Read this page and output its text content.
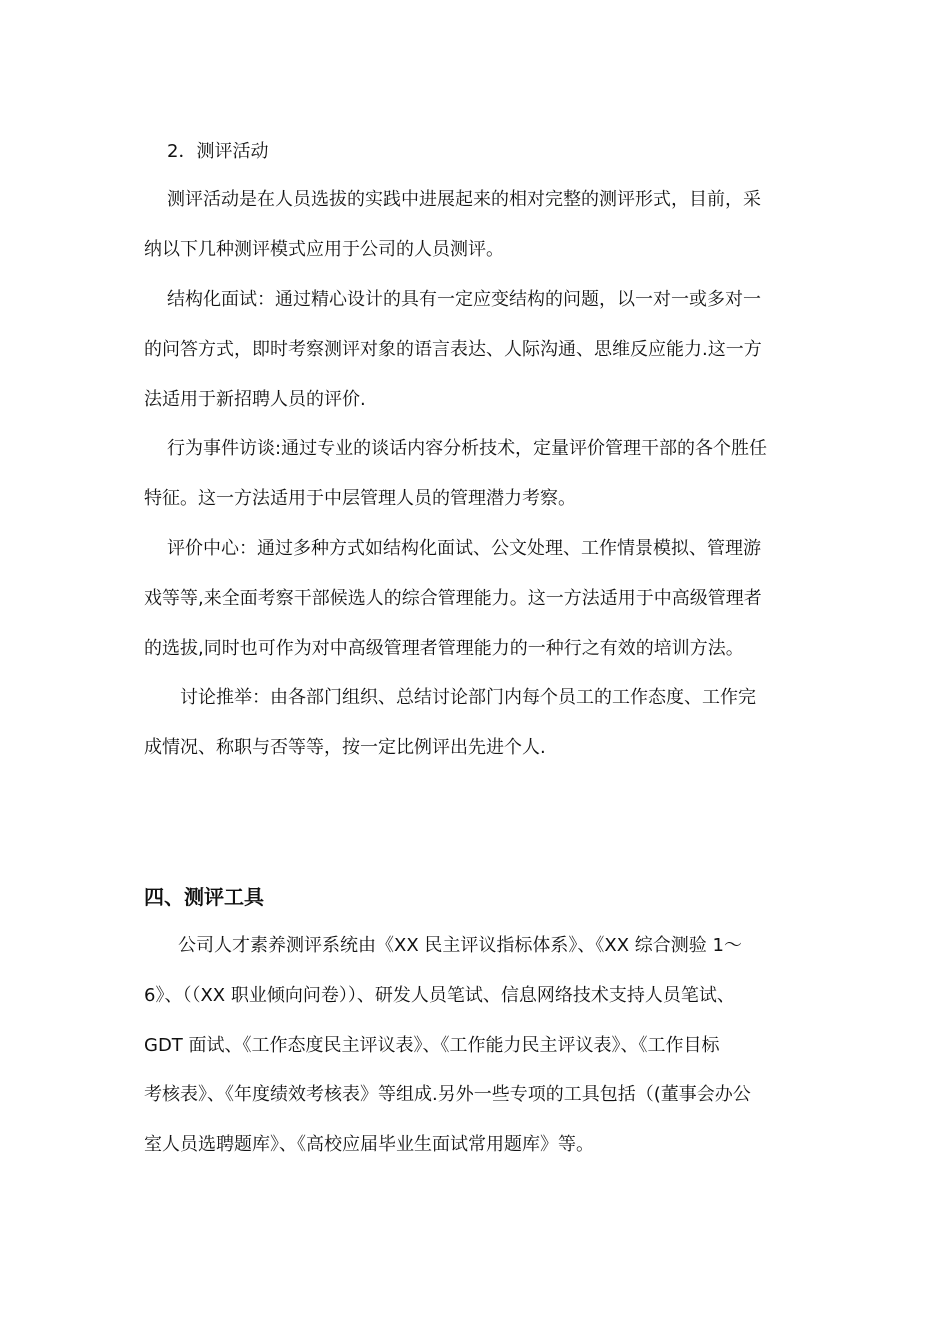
2．测评活动
测评活动是在人员选拔的实践中进展起来的相对完整的测评形式，目前，采
纳以下几种测评模式应用于公司的人员测评。
结构化面试：通过精心设计的具有一定应变结构的问题，以一对一或多对一
的问答方式，即时考察测评对象的语言表达、人际沟通、思维反应能力.这一方
法适用于新招聘人员的评价.
行为事件访谈:通过专业的谈话内容分析技术，定量评价管理干部的各个胜任
特征。这一方法适用于中层管理人员的管理潜力考察。
评价中心：通过多种方式如结构化面试、公文处理、工作情景模拟、管理游
戏等等,来全面考察干部候选人的综合管理能力。这一方法适用于中高级管理者
的选拔,同时也可作为对中高级管理者管理能力的一种行之有效的培训方法。
讨论推举：由各部门组织、总结讨论部门内每个员工的工作态度、工作完
成情况、称职与否等等，按一定比例评出先进个人.
四、测评工具
公司人才素养测评系统由《XX 民主评议指标体系》、《XX 综合测验 1～
6》、（（XX 职业倾向问卷））、研发人员笔试、信息网络技术支持人员笔试、
GDT 面试、《工作态度民主评议表》、《工作能力民主评议表》、《工作目标
考核表》、《年度绩效考核表》等组成.另外一些专项的工具包括（(董事会办公
室人员选聘题库》、《高校应届毕业生面试常用题库》等。
